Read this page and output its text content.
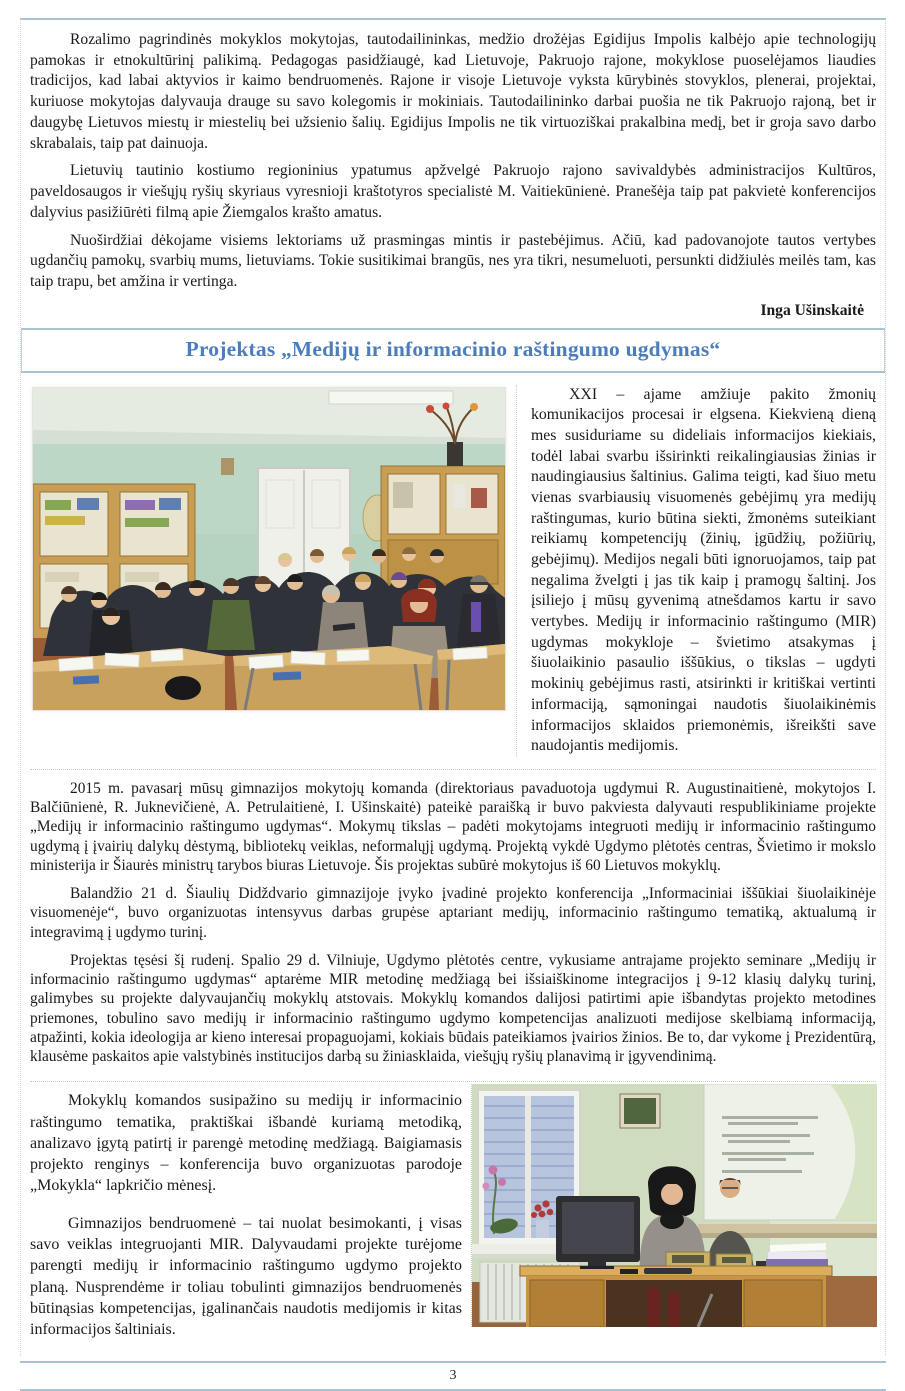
Rozalimo pagrindinės mokyklos mokytojas, tautodailininkas, medžio drožėjas Egidijus Impolis kalbėjo apie technologijų pamokas ir etnokultūrinį palikimą. Pedagogas pasidžiaugė, kad Lietuvoje, Pakruojo rajone, mokyklose puoselėjamos liaudies tradicijos, kad labai aktyvios ir kaimo bendruomenės. Rajone ir visoje Lietuvoje vyksta kūrybinės stovyklos, plenerai, projektai, kuriuose mokytojas dalyvauja drauge su savo kolegomis ir mokiniais. Tautodailininko darbai puošia ne tik Pakruojo rajoną, bet ir daugybę Lietuvos miestų ir miestelių bei užsienio šalių. Egidijus Impolis ne tik virtuoziškai prakalbina medį, bet ir groja savo darbo skrabalais, taip pat dainuoja.

Lietuvių tautinio kostiumo regioninius ypatumus apžvelgė Pakruojo rajono savivaldybės administracijos Kultūros, paveldosaugos ir viešųjų ryšių skyriaus vyresnioji kraštotyros specialistė M. Vaitiekūnienė. Pranešėja taip pat pakvietė konferencijos dalyvius pasižiūrėti filmą apie Žiemgalos krašto amatus.

Nuoširdžiai dėkojame visiems lektoriams už prasmingas mintis ir pastebėjimus. Ačiū, kad padovanojote tautos vertybes ugdančių pamokų, svarbių mums, lietuviams. Tokie susitikimai brangūs, nes yra tikri, nesumeluoti, persunkti didžiulės meilės tam, kas taip trapu, bet amžina ir vertinga.

Inga Ušinskaitė

Projektas „Medijų ir informacinio raštingumo ugdymas“

XXI – ajame amžiuje pakito žmonių komunikacijos procesai ir elgsena. Kiekvieną dieną mes susiduriame su dideliais informacijos kiekiais, todėl labai svarbu išsirinkti reikalingiausias žinias ir naudingiausius šaltinius. Galima teigti, kad šiuo metu vienas svarbiausių visuomenės gebėjimų yra medijų raštingumas, kurio būtina siekti, žmonėms suteikiant reikiamų kompetencijų (žinių, įgūdžių, požiūrių, gebėjimų). Medijos negali būti ignoruojamos, taip pat negalima žvelgti į jas tik kaip į pramogų šaltinį. Jos įsiliejo į mūsų gyvenimą atnešdamos kartu ir savo vertybes. Medijų ir informacinio raštingumo (MIR) ugdymas mokykloje – švietimo atsakymas į šiuolaikinio pasaulio iššūkius, o tikslas – ugdyti mokinių gebėjimus rasti, atsirinkti ir kritiškai vertinti informaciją, sąmoningai naudotis šiuolaikinėmis informacijos sklaidos priemonėmis, išreikšti save naudojantis medijomis.

2015 m. pavasarį mūsų gimnazijos mokytojų komanda (direktoriaus pavaduotoja ugdymui R. Augustinaitienė, mokytojos I. Balčiūnienė, R. Juknevičienė, A. Petrulaitienė, I. Ušinskaitė) pateikė paraišką ir buvo pakviesta dalyvauti respublikiniame projekte „Medijų ir informacinio raštingumo ugdymas“. Mokymų tikslas – padėti mokytojams integruoti medijų ir informacinio raštingumo ugdymą į įvairių dalykų dėstymą, bibliotekų veiklas, neformalųjį ugdymą. Projektą vykdė Ugdymo plėtotės centras, Švietimo ir mokslo ministerija ir Šiaurės ministrų tarybos biuras Lietuvoje. Šis projektas subūrė mokytojus iš 60 Lietuvos mokyklų.

Balandžio 21 d. Šiaulių Didždvario gimnazijoje įvyko įvadinė projekto konferencija „Informaciniai iššūkiai šiuolaikinėje visuomenėje“, buvo organizuotas intensyvus darbas grupėse aptariant medijų, informacinio raštingumo tematiką, aktualumą ir integravimą į ugdymo turinį.

Projektas tęsėsi šį rudenį. Spalio 29 d. Vilniuje, Ugdymo plėtotės centre, vykusiame antrajame projekto seminare „Medijų ir informacinio raštingumo ugdymas“ aptarėme MIR metodinę medžiagą bei išsiaiškinome integracijos į 9-12 klasių dalykų turinį, galimybes su projekte dalyvaujančių mokyklų atstovais. Mokyklų komandos dalijosi patirtimi apie išbandytas projekto metodines priemones, tobulino savo medijų ir informacinio raštingumo ugdymo kompetencijas analizuoti medijose skelbiamą informaciją, atpažinti, kokia ideologija ar kieno interesai propaguojami, kokiais būdais pateikiamos įvairios žinios. Be to, dar vykome į Prezidentūrą, klausėme paskaitos apie valstybinės institucijos darbą su žiniasklaida, viešųjų ryšių planavimą ir įgyvendinimą.

Mokyklų komandos susipažino su medijų ir informacinio raštingumo tematika, praktiškai išbandė kuriamą metodiką, analizavo įgytą patirtį ir parengė metodinę medžiagą. Baigiamasis projekto renginys – konferencija buvo organizuotas parodoje „Mokykla“ lapkričio mėnesį.

Gimnazijos bendruomenė – tai nuolat besimokanti, į visas savo veiklas integruojanti MIR. Dalyvaudami projekte turėjome parengti medijų ir informacinio raštingumo ugdymo projekto planą. Nusprendėme ir toliau tobulinti gimnazijos bendruomenės būtinąsias kompetencijas, įgalinančais naudotis medijomis ir kitas informacijos šaltiniais.

3
